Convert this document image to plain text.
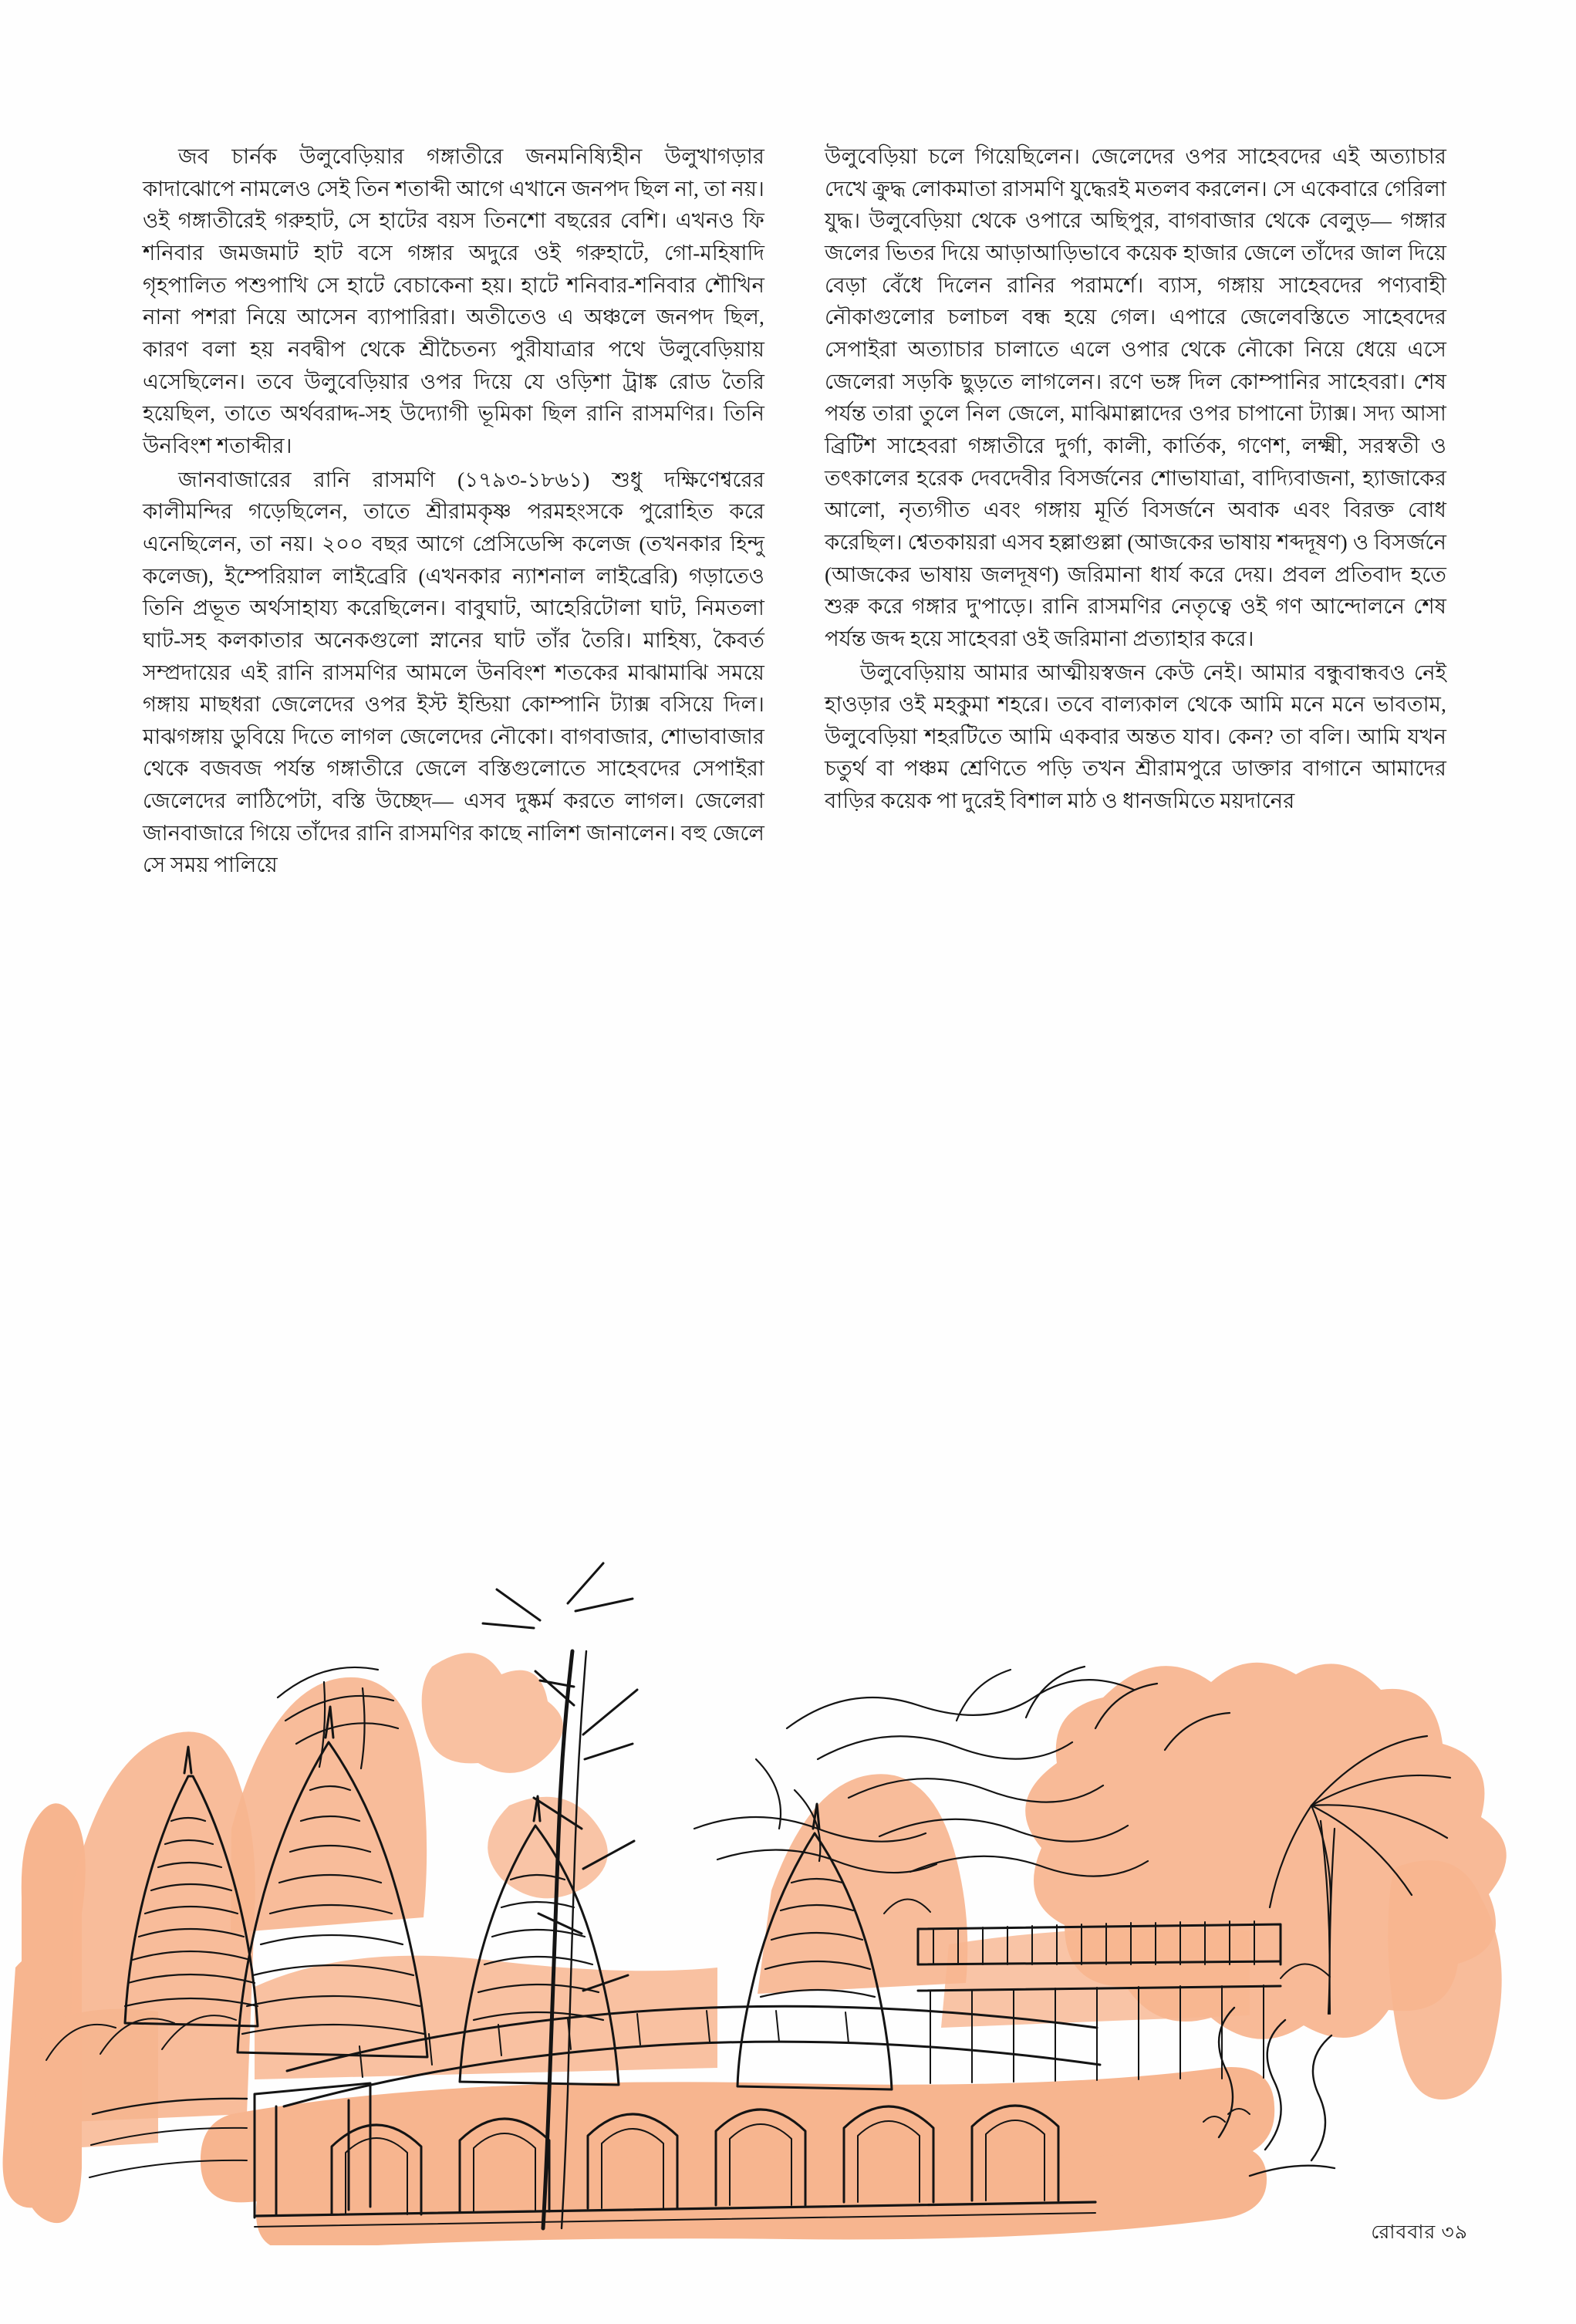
জব চার্নক উলুবেড়িয়ার গঙ্গাতীরে জনমনিষ্যিহীন উলুখাগড়ার কাদাঝোপে নামলেও সেই তিন শতাব্দী আগে এখানে জনপদ ছিল না, তা নয়। ওই গঙ্গাতীরেই গরুহাট, সে হাটের বয়স তিনশো বছরের বেশি। এখনও ফি শনিবার জমজমাট হাট বসে গঙ্গার অদুরে ওই গরুহাটে, গো-মহিষাদি গৃহপালিত পশুপাখি সে হাটে বেচাকেনা হয়। হাটে শনিবার-শনিবার শৌখিন নানা পশরা নিয়ে আসেন ব্যাপারিরা। অতীতেও এ অঞ্চলে জনপদ ছিল, কারণ বলা হয় নবদ্বীপ থেকে শ্রীচৈতন্য পুরীযাত্রার পথে উলুবেড়িয়ায় এসেছিলেন। তবে উলুবেড়িয়ার ওপর দিয়ে যে ওড়িশা ট্রাঙ্ক রোড তৈরি হয়েছিল, তাতে অর্থবরাদ্দ-সহ উদ্যোগী ভূমিকা ছিল রানি রাসমণির। তিনি উনবিংশ শতাব্দীর।

জানবাজারের রানি রাসমণি (১৭৯৩-১৮৬১) শুধু দক্ষিণেশ্বরের কালীমন্দির গড়েছিলেন, তাতে শ্রীরামকৃষ্ণ পরমহংসকে পুরোহিত করে এনেছিলেন, তা নয়। ২০০ বছর আগে প্রেসিডেন্সি কলেজ (তখনকার হিন্দু কলেজ), ইম্পেরিয়াল লাইব্রেরি (এখনকার ন্যাশনাল লাইব্রেরি) গড়াতেও তিনি প্রভূত অর্থসাহায্য করেছিলেন। বাবুঘাট, আহেরিটোলা ঘাট, নিমতলা ঘাট-সহ কলকাতার অনেকগুলো স্নানের ঘাট তাঁর তৈরি। মাহিষ্য, কৈবর্ত সম্প্রদায়ের এই রানি রাসমণির আমলে উনবিংশ শতকের মাঝামাঝি সময়ে গঙ্গায় মাছধরা জেলেদের ওপর ইস্ট ইন্ডিয়া কোম্পানি ট্যাক্স বসিয়ে দিল। মাঝগঙ্গায় ডুবিয়ে দিতে লাগল জেলেদের নৌকো। বাগবাজার, শোভাবাজার থেকে বজবজ পর্যন্ত গঙ্গাতীরে জেলে বস্তিগুলোতে সাহেবদের সেপাইরা জেলেদের লাঠিপেটা, বস্তি উচ্ছেদ— এসব দুষ্কর্ম করতে লাগল। জেলেরা জানবাজারে গিয়ে তাঁদের রানি রাসমণির কাছে নালিশ জানালেন। বহু জেলে সে সময় পালিয়ে

উলুবেড়িয়া চলে গিয়েছিলেন। জেলেদের ওপর সাহেবদের এই অত্যাচার দেখে ক্রুদ্ধ লোকমাতা রাসমণি যুদ্ধেরই মতলব করলেন। সে একেবারে গেরিলা যুদ্ধ। উলুবেড়িয়া থেকে ওপারে অছিপুর, বাগবাজার থেকে বেলুড়— গঙ্গার জলের ভিতর দিয়ে আড়াআড়িভাবে কয়েক হাজার জেলে তাঁদের জাল দিয়ে বেড়া বেঁধে দিলেন রানির পরামর্শে। ব্যাস, গঙ্গায় সাহেবদের পণ্যবাহী নৌকাগুলোর চলাচল বন্ধ হয়ে গেল। এপারে জেলেবস্তিতে সাহেবদের সেপাইরা অত্যাচার চালাতে এলে ওপার থেকে নৌকো নিয়ে ধেয়ে এসে জেলেরা সড়কি ছুড়তে লাগলেন। রণে ভঙ্গ দিল কোম্পানির সাহেবরা। শেষ পর্যন্ত তারা তুলে নিল জেলে, মাঝিমাল্লাদের ওপর চাপানো ট্যাক্স। সদ্য আসা ব্রিটিশ সাহেবরা গঙ্গাতীরে দুর্গা, কালী, কার্তিক, গণেশ, লক্ষ্মী, সরস্বতী ও তৎকালের হরেক দেবদেবীর বিসর্জনের শোভাযাত্রা, বাদ্যিবাজনা, হ্যাজাকের আলো, নৃত্যগীত এবং গঙ্গায় মূর্তি বিসর্জনে অবাক এবং বিরক্ত বোধ করেছিল। শ্বেতকায়রা এসব হল্লাগুল্লা (আজকের ভাষায় শব্দদূষণ) ও বিসর্জনে (আজকের ভাষায় জলদূষণ) জরিমানা ধার্য করে দেয়। প্রবল প্রতিবাদ হতে শুরু করে গঙ্গার দু'পাড়ে। রানি রাসমণির নেতৃত্বে ওই গণ আন্দোলনে শেষ পর্যন্ত জব্দ হয়ে সাহেবরা ওই জরিমানা প্রত্যাহার করে।

উলুবেড়িয়ায় আমার আত্মীয়স্বজন কেউ নেই। আমার বন্ধুবান্ধবও নেই হাওড়ার ওই মহকুমা শহরে। তবে বাল্যকাল থেকে আমি মনে মনে ভাবতাম, উলুবেড়িয়া শহরটিতে আমি একবার অন্তত যাব। কেন? তা বলি। আমি যখন চতুর্থ বা পঞ্চম শ্রেণিতে পড়ি তখন শ্রীরামপুরে ডাক্তার বাগানে আমাদের বাড়ির কয়েক পা দুরেই বিশাল মাঠ ও ধানজমিতে ময়দানের

রোববার ৩৯
